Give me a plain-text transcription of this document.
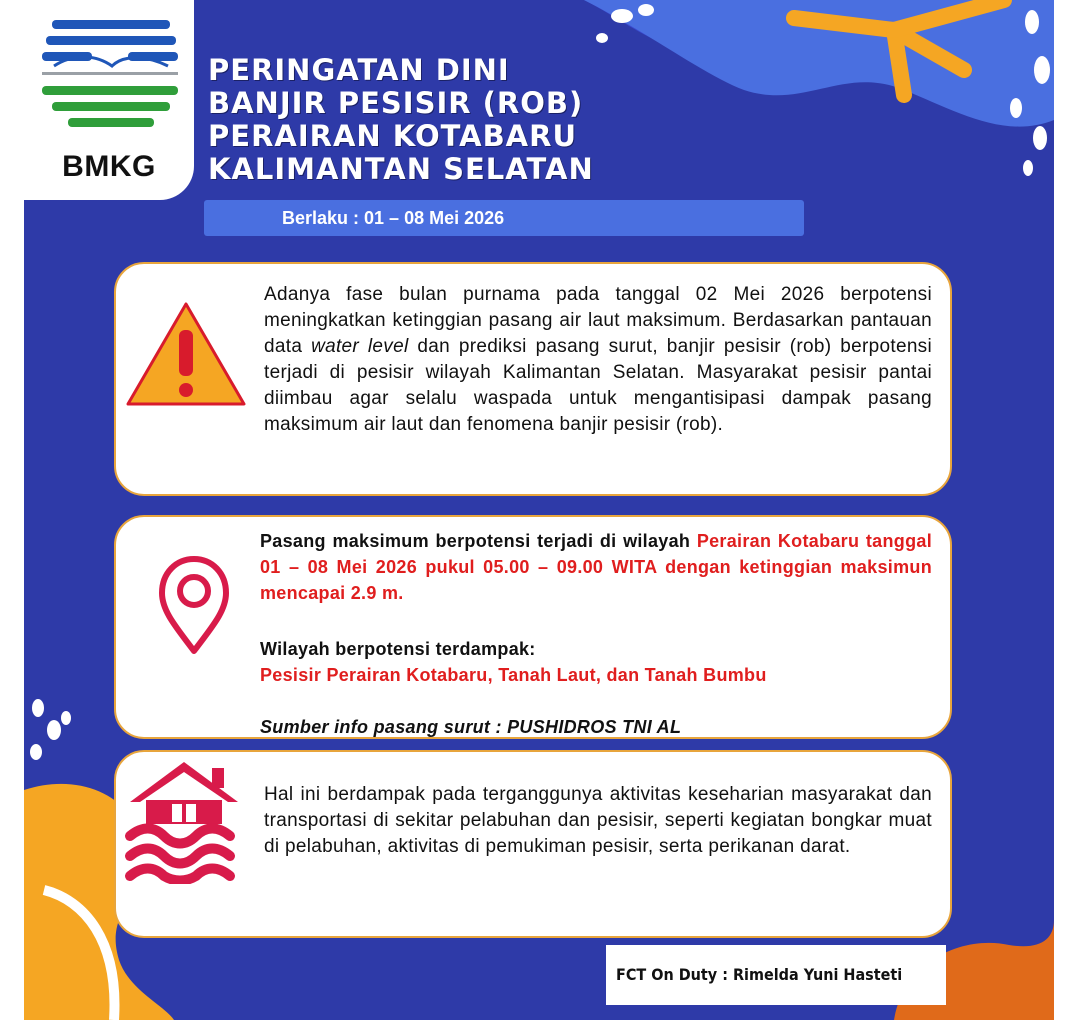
BMKG
PERINGATAN DINI
BANJIR PESISIR (ROB)
PERAIRAN KOTABARU
KALIMANTAN SELATAN
Berlaku : 01 – 08 Mei 2026

Adanya fase bulan purnama pada tanggal 02 Mei 2026 berpotensi meningkatkan ketinggian pasang air laut maksimum. Berdasarkan pantauan data water level dan prediksi pasang surut, banjir pesisir (rob) berpotensi terjadi di pesisir wilayah Kalimantan Selatan. Masyarakat pesisir pantai diimbau agar selalu waspada untuk mengantisipasi dampak pasang maksimum air laut dan fenomena banjir pesisir (rob).

Pasang maksimum berpotensi terjadi di wilayah Perairan Kotabaru tanggal 01 – 08 Mei 2026 pukul 05.00 – 09.00 WITA dengan ketinggian maksimun mencapai 2.9 m.
Wilayah berpotensi terdampak:
Pesisir Perairan Kotabaru, Tanah Laut, dan Tanah Bumbu
Sumber info pasang surut : PUSHIDROS TNI AL

Hal ini berdampak pada terganggunya aktivitas keseharian masyarakat dan transportasi di sekitar pelabuhan dan pesisir, seperti kegiatan bongkar muat di pelabuhan, aktivitas di pemukiman pesisir, serta perikanan darat.

FCT On Duty : Rimelda Yuni Hasteti
